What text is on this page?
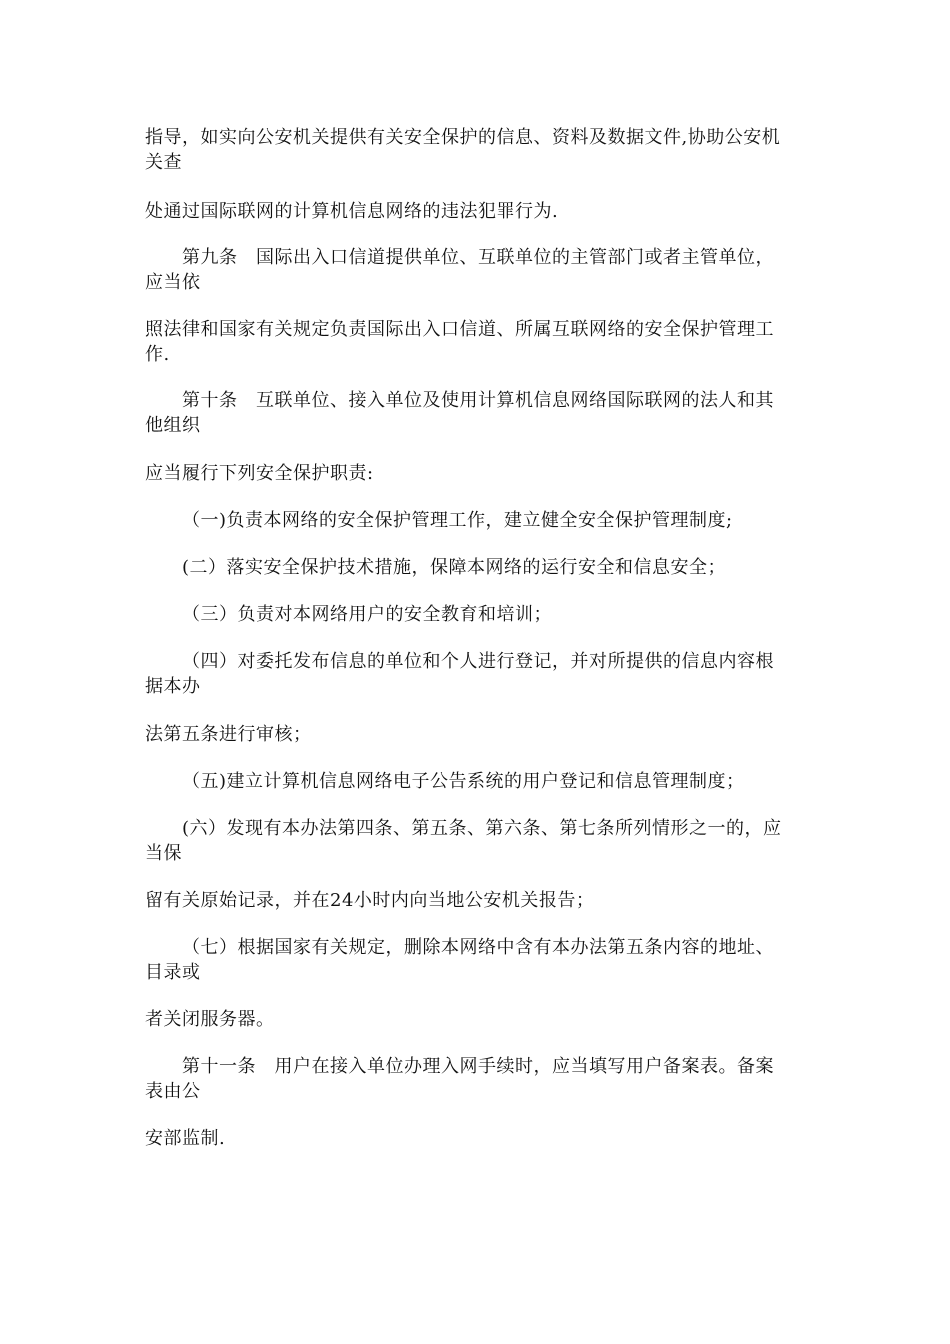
指导，如实向公安机关提供有关安全保护的信息、资料及数据文件,协助公安机
关查
处通过国际联网的计算机信息网络的违法犯罪行为.
第九条　国际出入口信道提供单位、互联单位的主管部门或者主管单位，
应当依
照法律和国家有关规定负责国际出入口信道、所属互联网络的安全保护管理工
作.
第十条　互联单位、接入单位及使用计算机信息网络国际联网的法人和其
他组织
应当履行下列安全保护职责:
（一)负责本网络的安全保护管理工作，建立健全安全保护管理制度;
(二）落实安全保护技术措施，保障本网络的运行安全和信息安全；
（三）负责对本网络用户的安全教育和培训；
（四）对委托发布信息的单位和个人进行登记，并对所提供的信息内容根
据本办
法第五条进行审核；
（五)建立计算机信息网络电子公告系统的用户登记和信息管理制度；
(六）发现有本办法第四条、第五条、第六条、第七条所列情形之一的，应
当保
留有关原始记录，并在24小时内向当地公安机关报告；
（七）根据国家有关规定，删除本网络中含有本办法第五条内容的地址、
目录或
者关闭服务器。
第十一条　用户在接入单位办理入网手续时，应当填写用户备案表。备案
表由公
安部监制.
